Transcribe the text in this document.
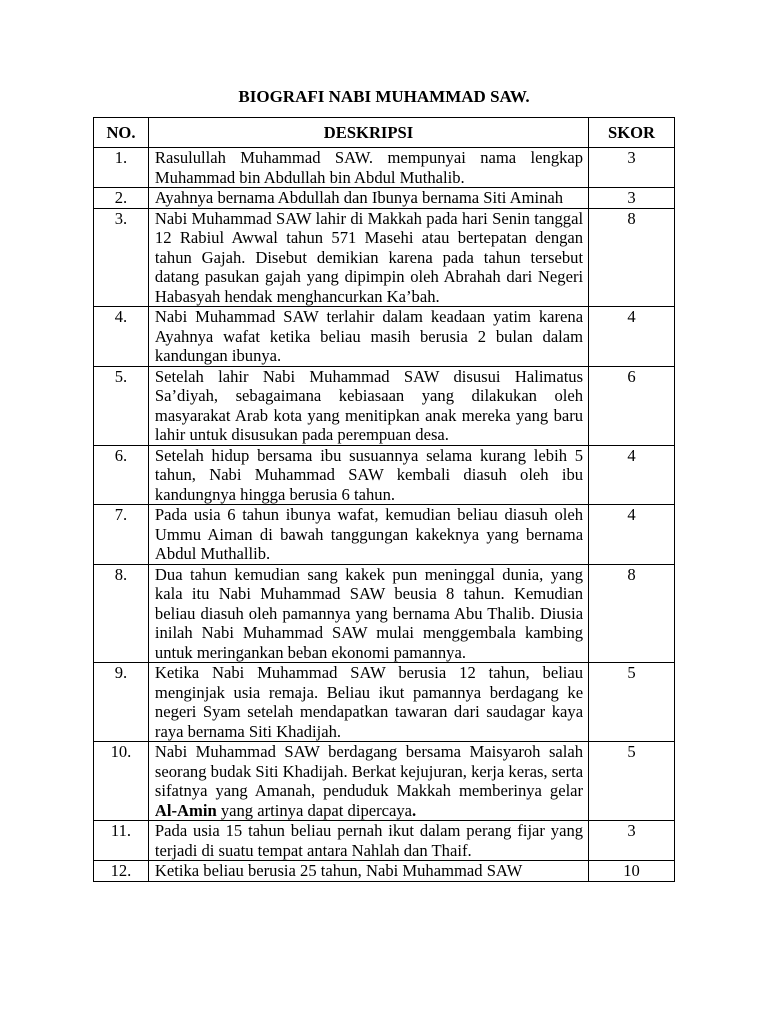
BIOGRAFI NABI MUHAMMAD SAW.
NO.	DESKRIPSI	SKOR
1.	Rasulullah Muhammad SAW. mempunyai nama lengkap Muhammad bin Abdullah bin Abdul Muthalib.	3
2.	Ayahnya bernama Abdullah dan Ibunya bernama Siti Aminah	3
3.	Nabi Muhammad SAW lahir di Makkah pada hari Senin tanggal 12 Rabiul Awwal tahun 571 Masehi atau bertepatan dengan tahun Gajah. Disebut demikian karena pada tahun tersebut datang pasukan gajah yang dipimpin oleh Abrahah dari Negeri Habasyah hendak menghancurkan Ka’bah.	8
4.	Nabi Muhammad SAW terlahir dalam keadaan yatim karena Ayahnya wafat ketika beliau masih berusia 2 bulan dalam kandungan ibunya.	4
5.	Setelah lahir Nabi Muhammad SAW disusui Halimatus Sa’diyah, sebagaimana kebiasaan yang dilakukan oleh masyarakat Arab kota yang menitipkan anak mereka yang baru lahir untuk disusukan pada perempuan desa.	6
6.	Setelah hidup bersama ibu susuannya selama kurang lebih 5 tahun, Nabi Muhammad SAW kembali diasuh oleh ibu kandungnya hingga berusia 6 tahun.	4
7.	Pada usia 6 tahun ibunya wafat, kemudian beliau diasuh oleh Ummu Aiman di bawah tanggungan kakeknya yang bernama Abdul Muthallib.	4
8.	Dua tahun kemudian sang kakek pun meninggal dunia, yang kala itu Nabi Muhammad SAW beusia 8 tahun. Kemudian beliau diasuh oleh pamannya yang bernama Abu Thalib. Diusia inilah Nabi Muhammad SAW mulai menggembala kambing untuk meringankan beban ekonomi pamannya.	8
9.	Ketika Nabi Muhammad SAW berusia 12 tahun, beliau menginjak usia remaja. Beliau ikut pamannya berdagang ke negeri Syam setelah mendapatkan tawaran dari saudagar kaya raya bernama Siti Khadijah.	5
10.	Nabi Muhammad SAW berdagang bersama Maisyaroh salah seorang budak Siti Khadijah. Berkat kejujuran, kerja keras, serta sifatnya yang Amanah, penduduk Makkah memberinya gelar Al-Amin yang artinya dapat dipercaya.	5
11.	Pada usia 15 tahun beliau pernah ikut dalam perang fijar yang terjadi di suatu tempat antara Nahlah dan Thaif.	3
12.	Ketika beliau berusia 25 tahun, Nabi Muhammad SAW	10
